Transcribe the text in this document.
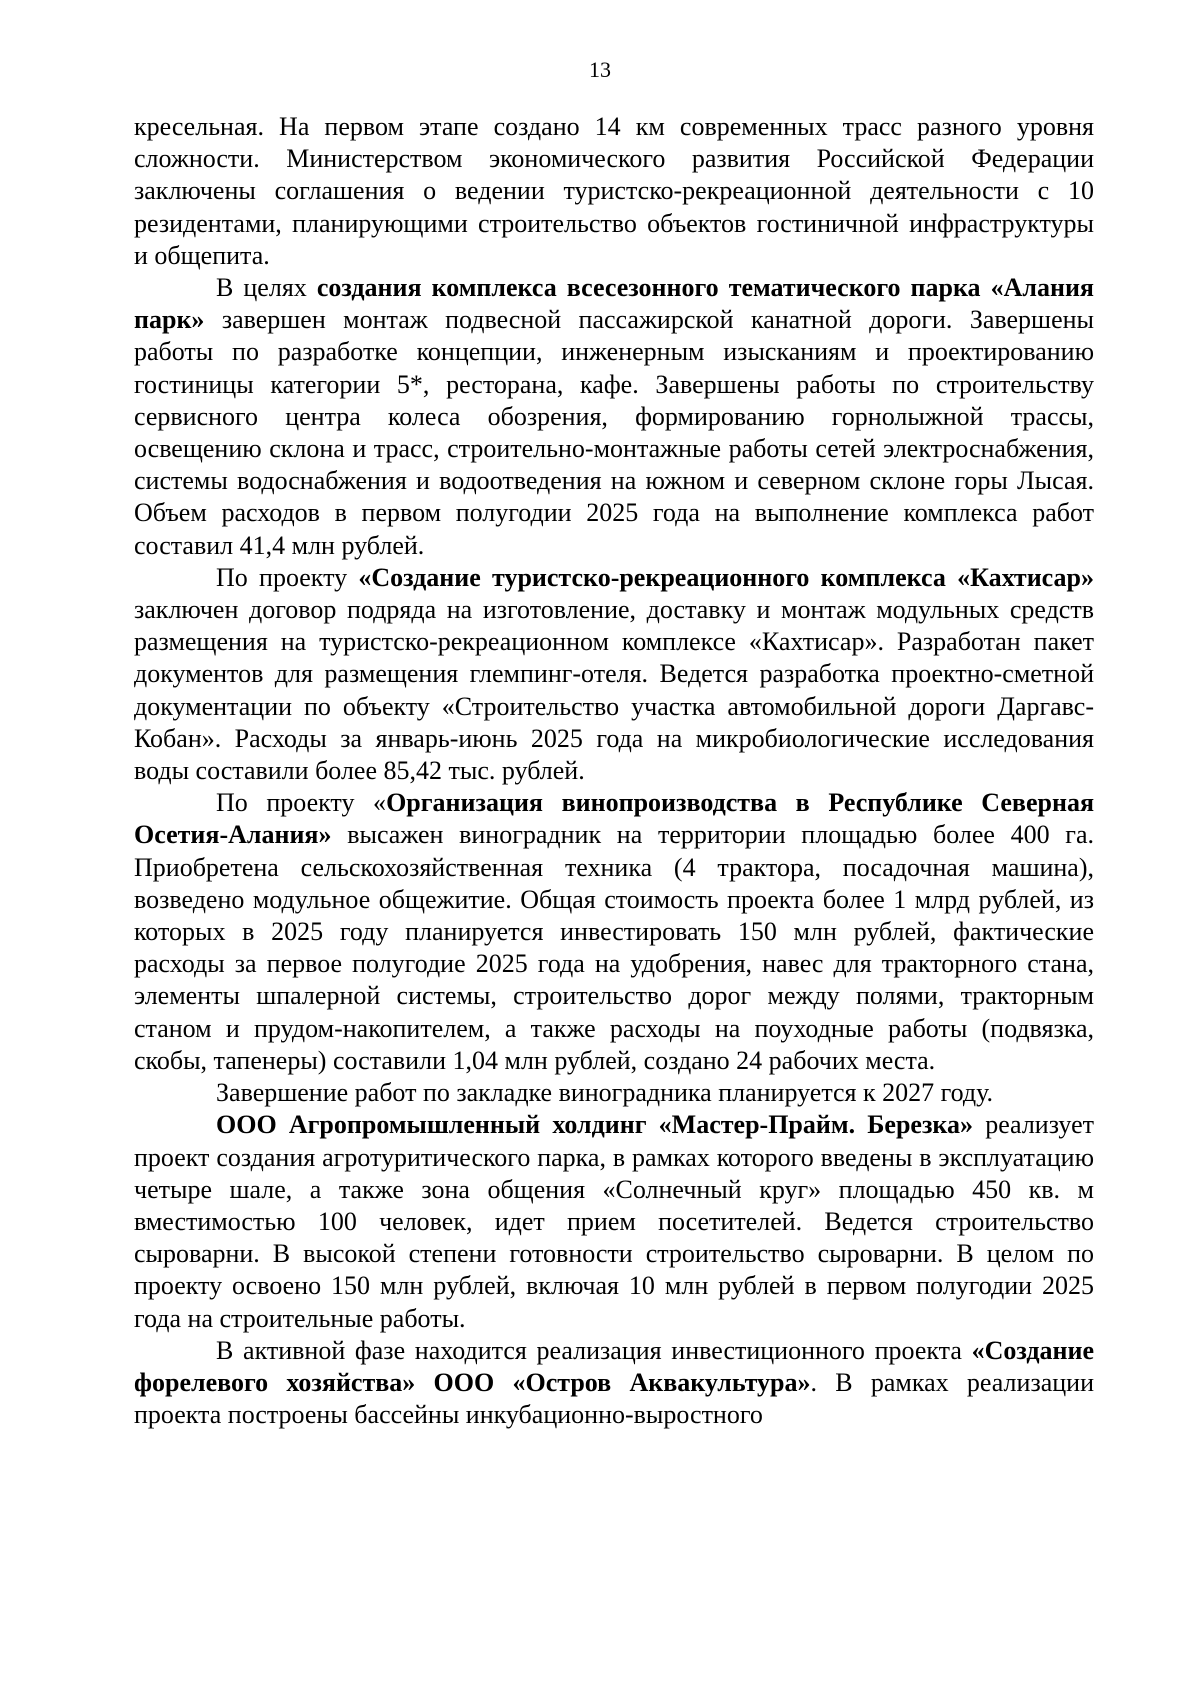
13

кресельная. На первом этапе создано 14 км современных трасс разного уровня сложности. Министерством экономического развития Российской Федерации заключены соглашения о ведении туристско-рекреационной деятельности с 10 резидентами, планирующими строительство объектов гостиничной инфраструктуры и общепита.

В целях создания комплекса всесезонного тематического парка «Алания парк» завершен монтаж подвесной пассажирской канатной дороги. Завершены работы по разработке концепции, инженерным изысканиям и проектированию гостиницы категории 5*, ресторана, кафе. Завершены работы по строительству сервисного центра колеса обозрения, формированию горнолыжной трассы, освещению склона и трасс, строительно-монтажные работы сетей электроснабжения, системы водоснабжения и водоотведения на южном и северном склоне горы Лысая. Объем расходов в первом полугодии 2025 года на выполнение комплекса работ составил 41,4 млн рублей.

По проекту «Создание туристско-рекреационного комплекса «Кахтисар» заключен договор подряда на изготовление, доставку и монтаж модульных средств размещения на туристско-рекреационном комплексе «Кахтисар». Разработан пакет документов для размещения глемпинг-отеля. Ведется разработка проектно-сметной документации по объекту «Строительство участка автомобильной дороги Даргавс-Кобан». Расходы за январь-июнь 2025 года на микробиологические исследования воды составили более 85,42 тыс. рублей.

По проекту «Организация винопроизводства в Республике Северная Осетия-Алания» высажен виноградник на территории площадью более 400 га. Приобретена сельскохозяйственная техника (4 трактора, посадочная машина), возведено модульное общежитие. Общая стоимость проекта более 1 млрд рублей, из которых в 2025 году планируется инвестировать 150 млн рублей, фактические расходы за первое полугодие 2025 года на удобрения, навес для тракторного стана, элементы шпалерной системы, строительство дорог между полями, тракторным станом и прудом-накопителем, а также расходы на поуходные работы (подвязка, скобы, тапенеры) составили 1,04 млн рублей, создано 24 рабочих места.

Завершение работ по закладке виноградника планируется к 2027 году.

ООО Агропромышленный холдинг «Мастер-Прайм. Березка» реализует проект создания агротуритического парка, в рамках которого введены в эксплуатацию четыре шале, а также зона общения «Солнечный круг» площадью 450 кв. м вместимостью 100 человек, идет прием посетителей. Ведется строительство сыроварни. В высокой степени готовности строительство сыроварни. В целом по проекту освоено 150 млн рублей, включая 10 млн рублей в первом полугодии 2025 года на строительные работы.

В активной фазе находится реализация инвестиционного проекта «Создание форелевого хозяйства» ООО «Остров Аквакультура». В рамках реализации проекта построены бассейны инкубационно-выростного
